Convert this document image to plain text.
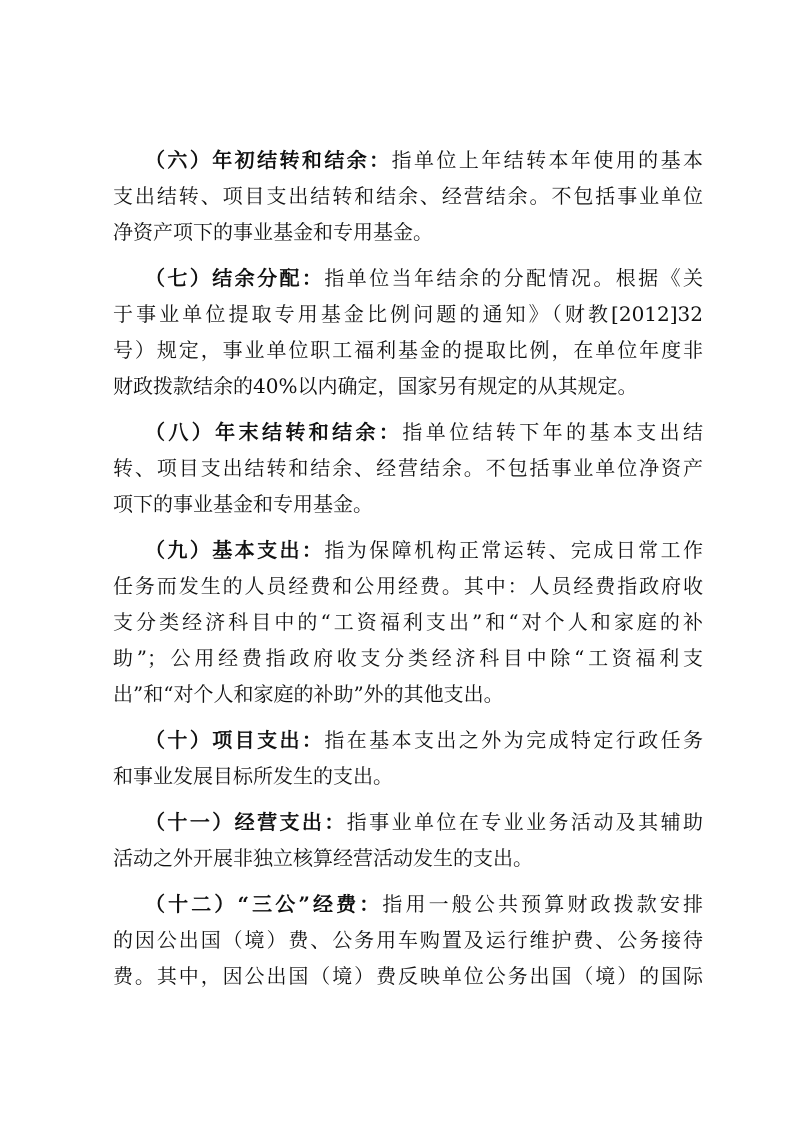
（六）年初结转和结余：指单位上年结转本年使用的基本
支出结转、项目支出结转和结余、经营结余。不包括事业单位
净资产项下的事业基金和专用基金。
（七）结余分配：指单位当年结余的分配情况。根据《关
于事业单位提取专用基金比例问题的通知》（财教[2012]32
号）规定，事业单位职工福利基金的提取比例，在单位年度非
财政拨款结余的40%以内确定，国家另有规定的从其规定。
（八）年末结转和结余：指单位结转下年的基本支出结
转、项目支出结转和结余、经营结余。不包括事业单位净资产
项下的事业基金和专用基金。
（九）基本支出：指为保障机构正常运转、完成日常工作
任务而发生的人员经费和公用经费。其中：人员经费指政府收
支分类经济科目中的“工资福利支出”和“对个人和家庭的补
助”；公用经费指政府收支分类经济科目中除“工资福利支
出”和“对个人和家庭的补助”外的其他支出。
（十）项目支出：指在基本支出之外为完成特定行政任务
和事业发展目标所发生的支出。
（十一）经营支出：指事业单位在专业业务活动及其辅助
活动之外开展非独立核算经营活动发生的支出。
（十二）“三公”经费：指用一般公共预算财政拨款安排
的因公出国（境）费、公务用车购置及运行维护费、公务接待
费。其中，因公出国（境）费反映单位公务出国（境）的国际
